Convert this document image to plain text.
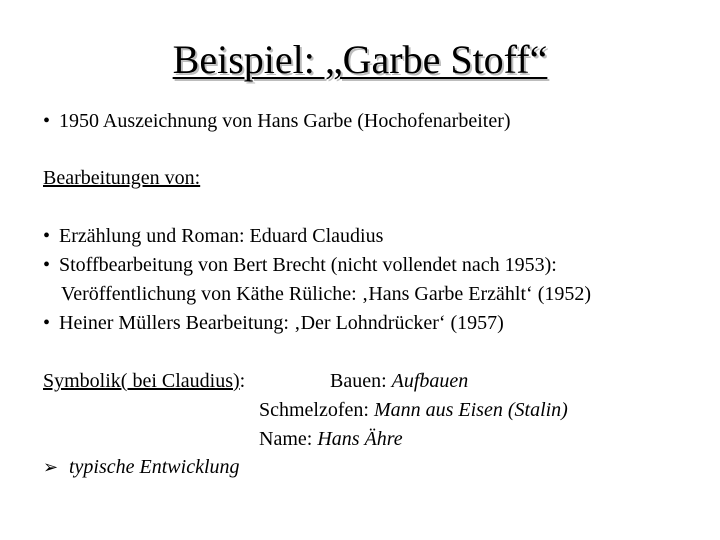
Beispiel: „Garbe Stoff“
• 1950 Auszeichnung von Hans Garbe (Hochofenarbeiter)
Bearbeitungen von:
• Erzählung und Roman: Eduard Claudius
• Stoffbearbeitung von Bert Brecht (nicht vollendet nach 1953):
Veröffentlichung von Käthe Rüliche: ‚Hans Garbe Erzählt‘ (1952)
• Heiner Müllers Bearbeitung: ‚Der Lohndrücker‘ (1957)
Symbolik( bei Claudius):	Bauen: Aufbauen
Schmelzofen: Mann aus Eisen (Stalin)
Name: Hans Ähre
➢ typische Entwicklung
